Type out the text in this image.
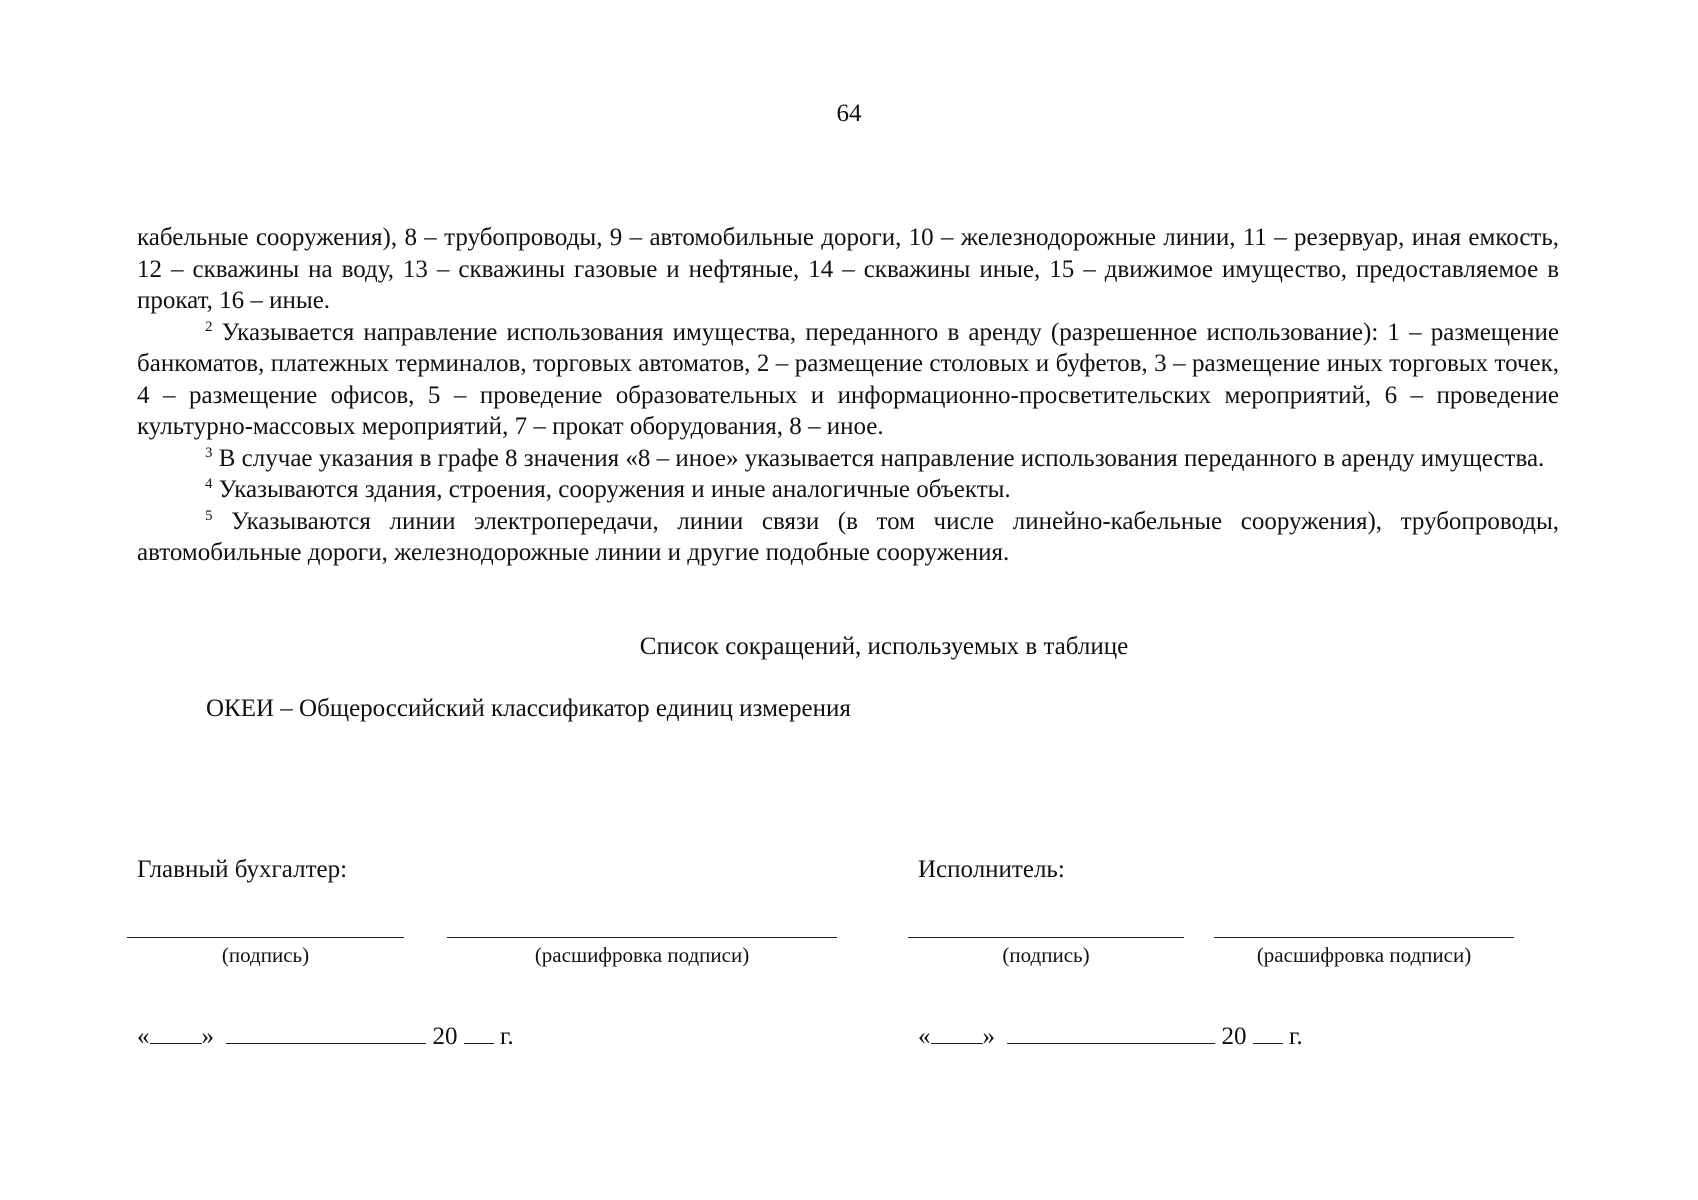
64

кабельные сооружения), 8 – трубопроводы, 9 – автомобильные дороги, 10 – железнодорожные линии, 11 – резервуар, иная емкость, 12 – скважины на воду, 13 – скважины газовые и нефтяные, 14 – скважины иные, 15 – движимое имущество, предоставляемое в прокат, 16 – иные.

$^2$ Указывается направление использования имущества, переданного в аренду (разрешенное использование): 1 – размещение банкоматов, платежных терминалов, торговых автоматов, 2 – размещение столовых и буфетов, 3 – размещение иных торговых точек, 4 – размещение офисов, 5 – проведение образовательных и информационно-просветительских мероприятий, 6 – проведение культурно-массовых мероприятий, 7 – прокат оборудования, 8 – иное.

$^3$ В случае указания в графе 8 значения «8 – иное» указывается направление использования переданного в аренду имущества.

$^4$ Указываются здания, строения, сооружения и иные аналогичные объекты.

$^5$ Указываются линии электропередачи, линии связи (в том числе линейно-кабельные сооружения), трубопроводы, автомобильные дороги, железнодорожные линии и другие подобные сооружения.

Список сокращений, используемых в таблице
ОКЕИ – Общероссийский классификатор единиц измерения
Главный бухгалтер:
(подпись)	(расшифровка подписи)
« »	20 г.
Исполнитель:
(подпись)	(расшифровка подписи)
« »	20 г.
